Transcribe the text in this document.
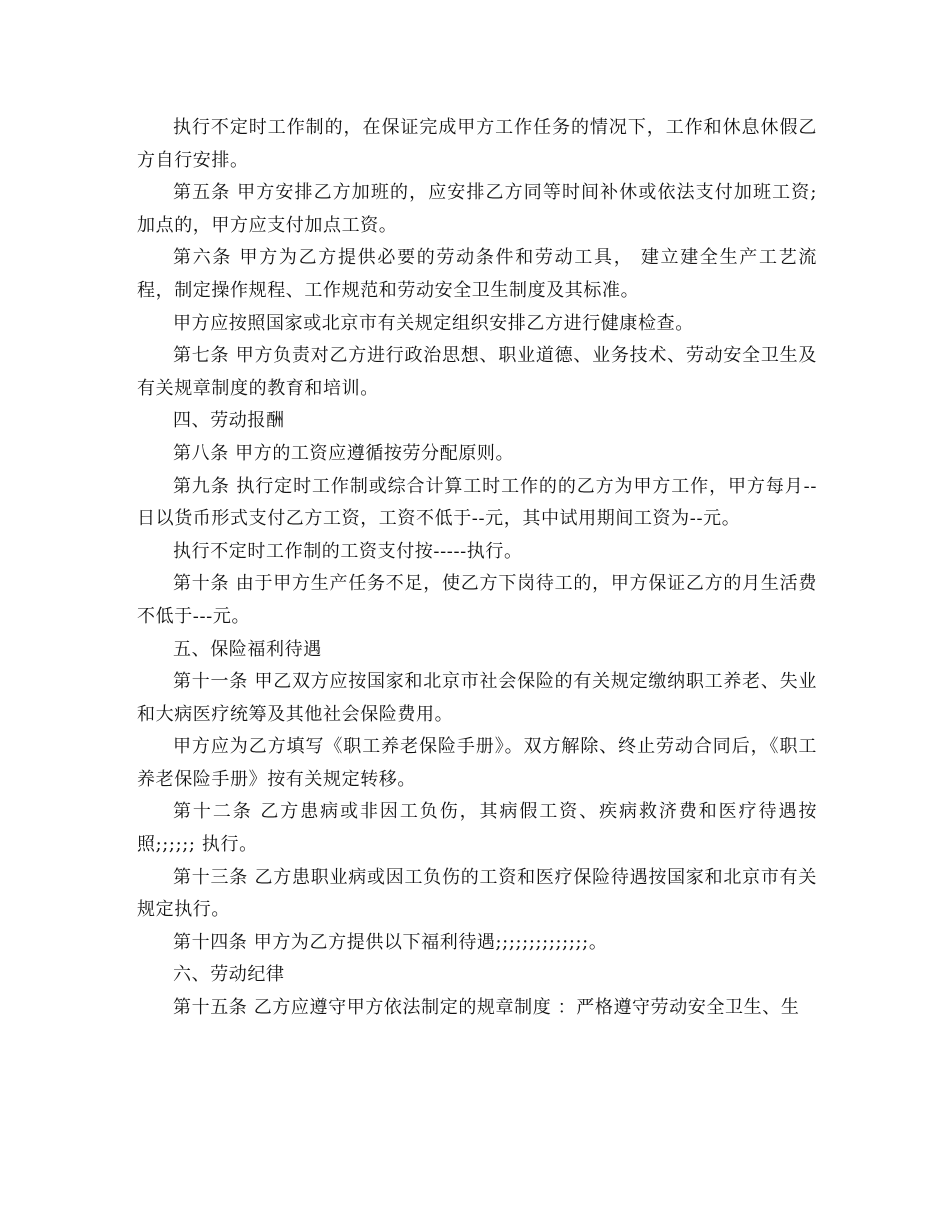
执行不定时工作制的，在保证完成甲方工作任务的情况下，工作和休息休假乙方自行安排。

第五条 甲方安排乙方加班的，应安排乙方同等时间补休或依法支付加班工资;加点的，甲方应支付加点工资。

第六条 甲方为乙方提供必要的劳动条件和劳动工具， 建立建全生产工艺流程，制定操作规程、工作规范和劳动安全卫生制度及其标准。

甲方应按照国家或北京市有关规定组织安排乙方进行健康检查。

第七条 甲方负责对乙方进行政治思想、职业道德、业务技术、劳动安全卫生及有关规章制度的教育和培训。

四、劳动报酬

第八条 甲方的工资应遵循按劳分配原则。

第九条 执行定时工作制或综合计算工时工作的的乙方为甲方工作，甲方每月--日以货币形式支付乙方工资，工资不低于--元，其中试用期间工资为--元。

执行不定时工作制的工资支付按-----执行。

第十条 由于甲方生产任务不足，使乙方下岗待工的，甲方保证乙方的月生活费不低于---元。

五、保险福利待遇

第十一条 甲乙双方应按国家和北京市社会保险的有关规定缴纳职工养老、失业和大病医疗统筹及其他社会保险费用。

甲方应为乙方填写《职工养老保险手册》。双方解除、终止劳动合同后，《职工养老保险手册》按有关规定转移。

第十二条 乙方患病或非因工负伤，其病假工资、疾病救济费和医疗待遇按照;;;;;; 执行。

第十三条 乙方患职业病或因工负伤的工资和医疗保险待遇按国家和北京市有关规定执行。

第十四条 甲方为乙方提供以下福利待遇;;;;;;;;;;;;;;。

六、劳动纪律

第十五条 乙方应遵守甲方依法制定的规章制度 ：严格遵守劳动安全卫生、生
